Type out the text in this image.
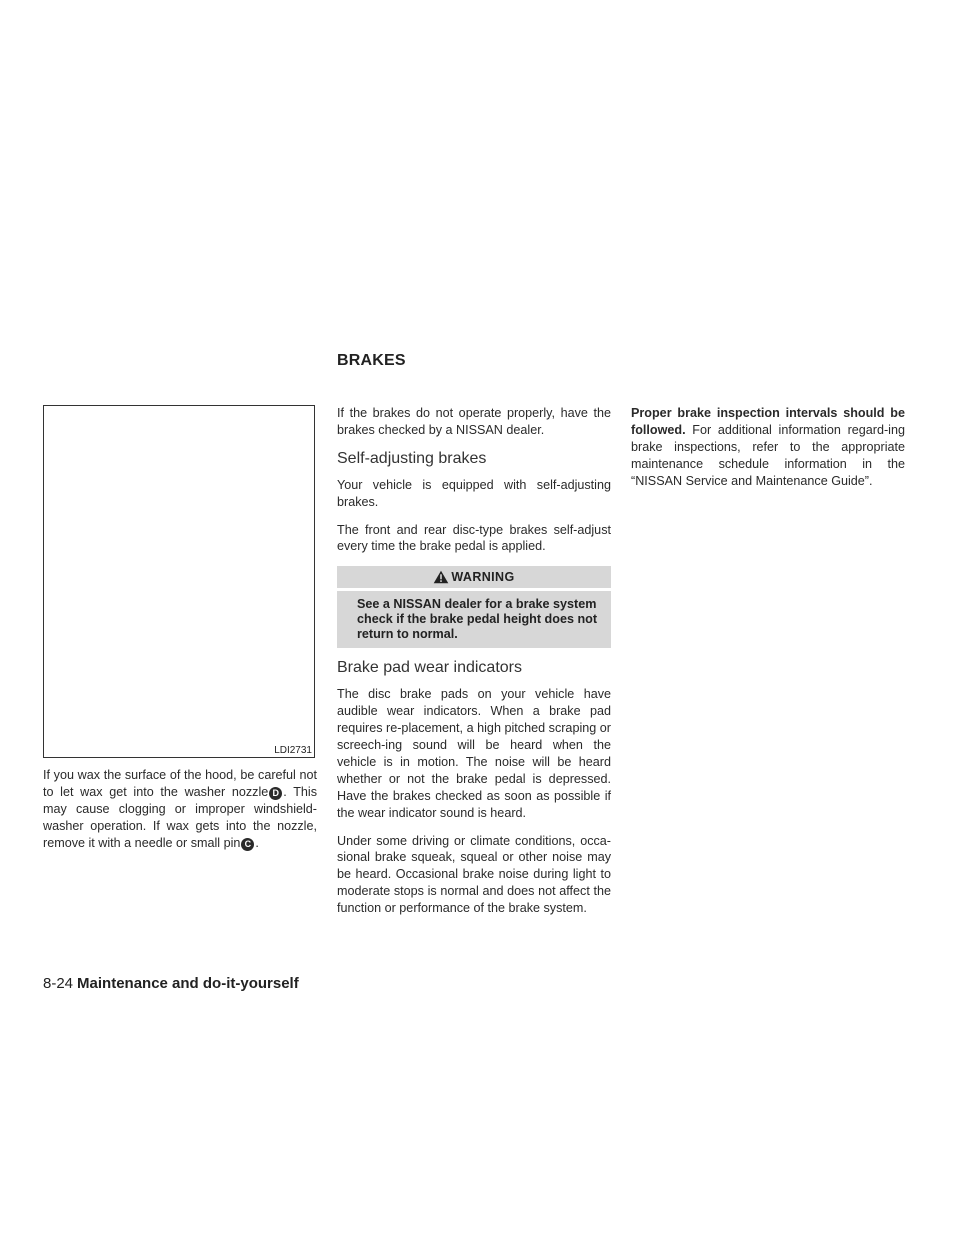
BRAKES
LDI2731

If you wax the surface of the hood, be careful not to let wax get into the washer nozzle D . This may cause clogging or improper windshield-washer operation. If wax gets into the nozzle, remove it with a needle or small pin C .

If the brakes do not operate properly, have the brakes checked by a NISSAN dealer.

Self-adjusting brakes

Your vehicle is equipped with self-adjusting brakes.

The front and rear disc-type brakes self-adjust every time the brake pedal is applied.

WARNING
See a NISSAN dealer for a brake system check if the brake pedal height does not return to normal.
Brake pad wear indicators

The disc brake pads on your vehicle have audible wear indicators. When a brake pad requires re-placement, a high pitched scraping or screech-ing sound will be heard when the vehicle is in motion. The noise will be heard whether or not the brake pedal is depressed. Have the brakes checked as soon as possible if the wear indicator sound is heard.

Under some driving or climate conditions, occa-sional brake squeak, squeal or other noise may be heard. Occasional brake noise during light to moderate stops is normal and does not affect the function or performance of the brake system.

Proper brake inspection intervals should be followed. For additional information regard-ing brake inspections, refer to the appropriate maintenance schedule information in the “NISSAN Service and Maintenance Guide”.

8-24 Maintenance and do-it-yourself
